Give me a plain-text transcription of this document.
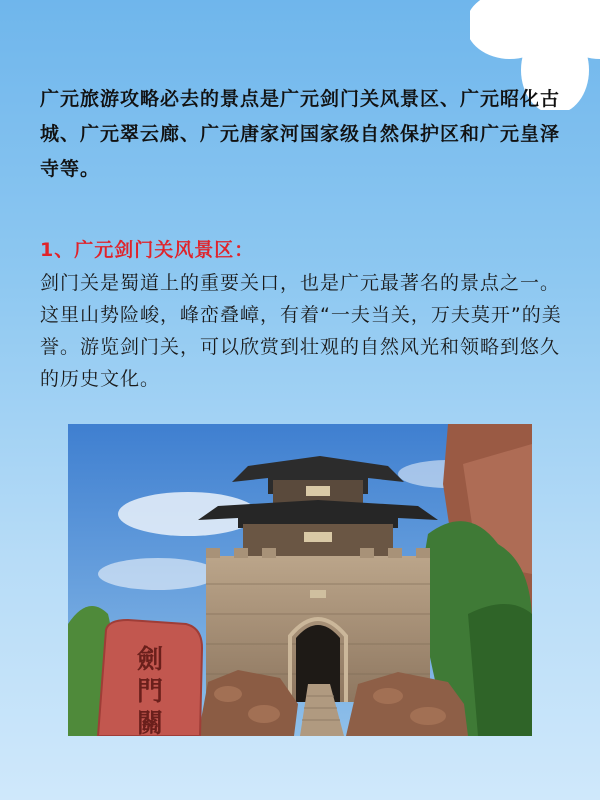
广元旅游攻略必去的景点是广元剑门关风景区、广元昭化古城、广元翠云廊、广元唐家河国家级自然保护区和广元皇泽寺等。

1、广元剑门关风景区：

剑门关是蜀道上的重要关口，也是广元最著名的景点之一。这里山势险峻，峰峦叠嶂，有着“一夫当关，万夫莫开”的美誉。游览剑门关，可以欣赏到壮观的自然风光和领略到悠久的历史文化。

劍
門
關
